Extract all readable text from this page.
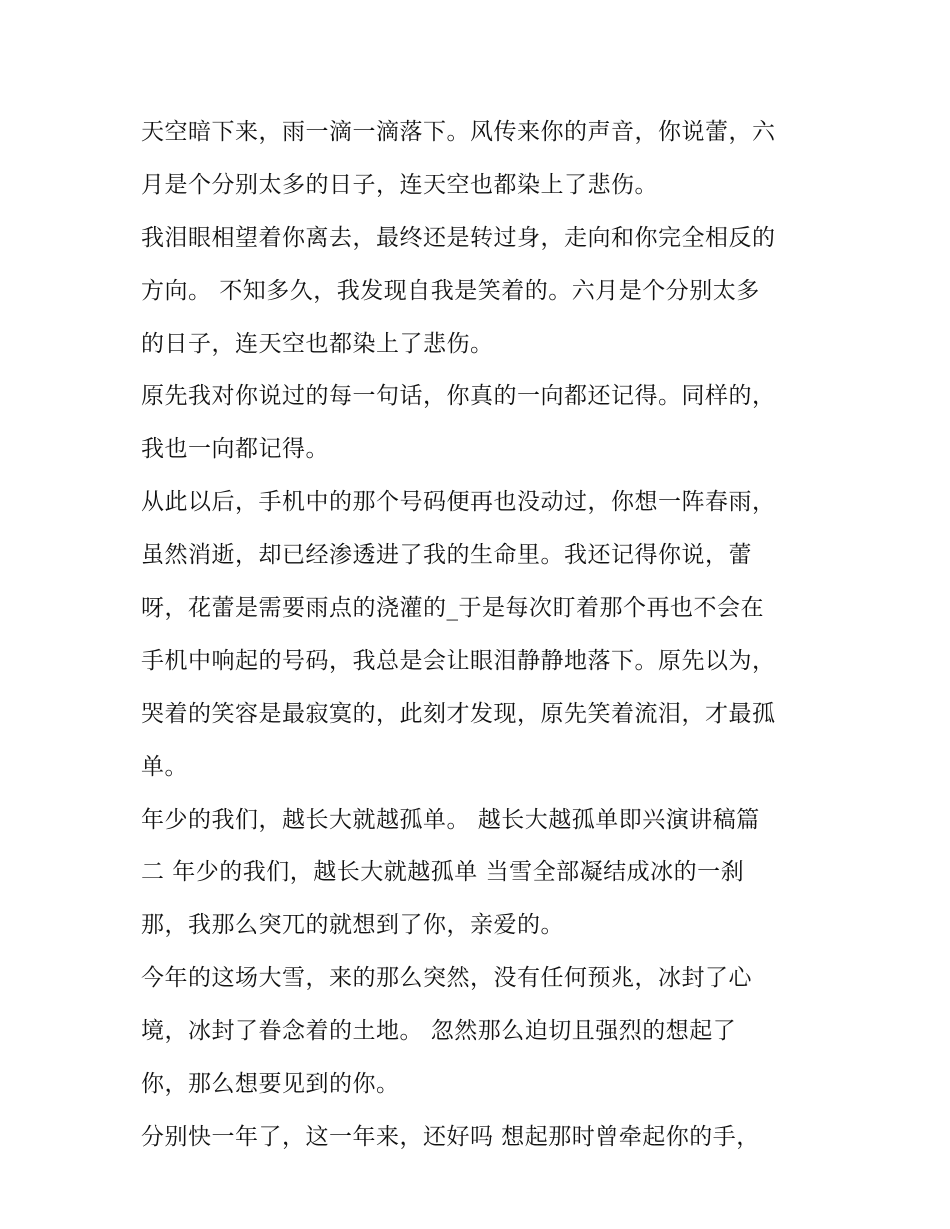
天空暗下来，雨一滴一滴落下。风传来你的声音，你说蕾，六
月是个分别太多的日子，连天空也都染上了悲伤。
我泪眼相望着你离去，最终还是转过身，走向和你完全相反的
方向。 不知多久，我发现自我是笑着的。六月是个分别太多
的日子，连天空也都染上了悲伤。
原先我对你说过的每一句话，你真的一向都还记得。同样的，
我也一向都记得。
从此以后，手机中的那个号码便再也没动过，你想一阵春雨，
虽然消逝，却已经渗透进了我的生命里。我还记得你说，蕾
呀，花蕾是需要雨点的浇灌的_于是每次盯着那个再也不会在
手机中响起的号码，我总是会让眼泪静静地落下。原先以为，
哭着的笑容是最寂寞的，此刻才发现，原先笑着流泪，才最孤
单。
年少的我们，越长大就越孤单。 越长大越孤单即兴演讲稿篇
二 年少的我们，越长大就越孤单 当雪全部凝结成冰的一刹
那，我那么突兀的就想到了你，亲爱的。
今年的这场大雪，来的那么突然，没有任何预兆，冰封了心
境，冰封了眷念着的土地。 忽然那么迫切且强烈的想起了
你，那么想要见到的你。
分别快一年了，这一年来，还好吗 想起那时曾牵起你的手，
